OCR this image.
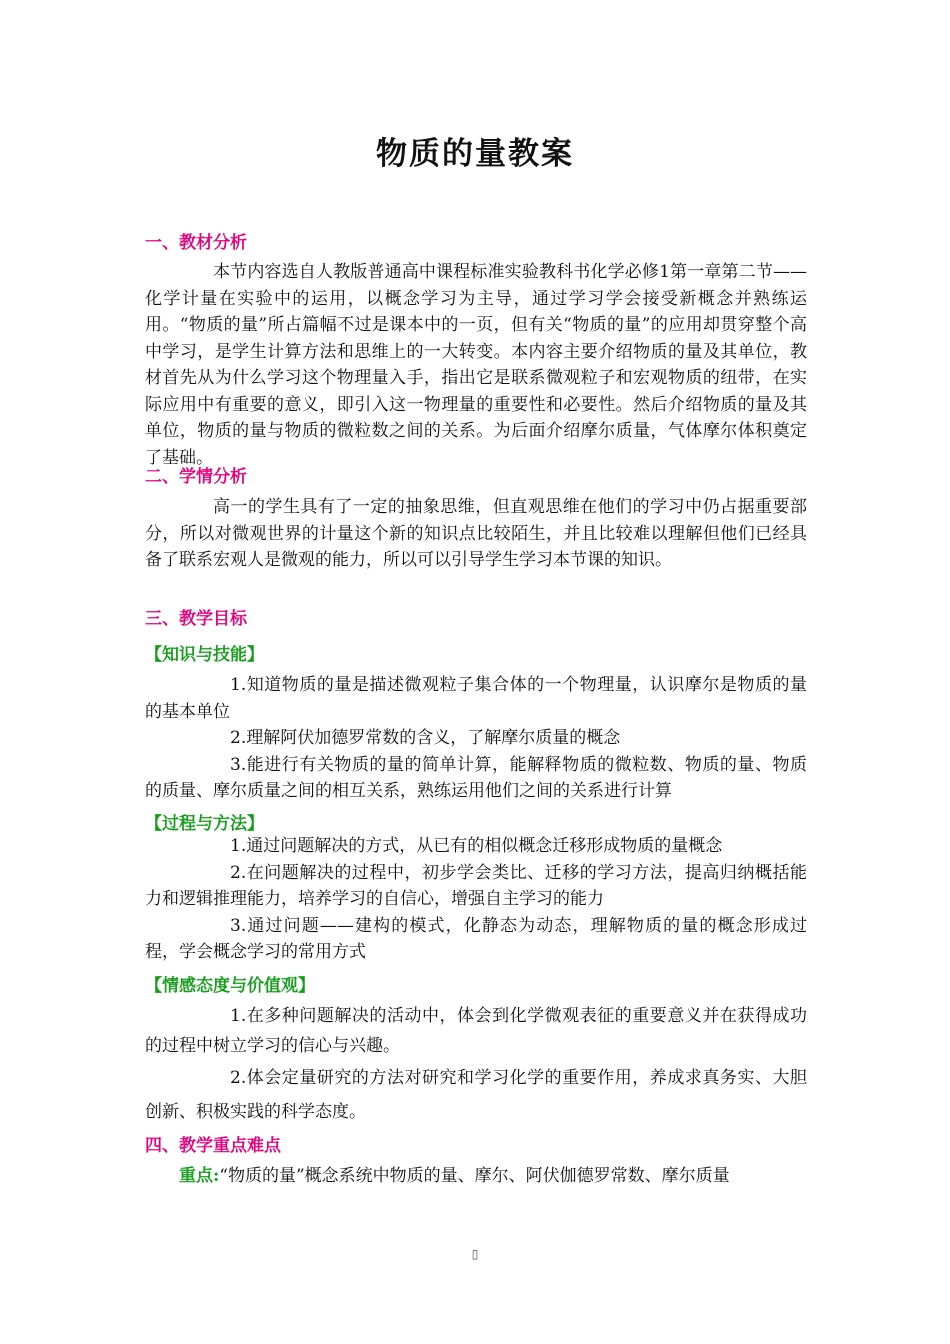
物质的量教案
一、教材分析

本节内容选自人教版普通高中课程标准实验教科书化学必修1第一章第二节——化学计量在实验中的运用，以概念学习为主导，通过学习学会接受新概念并熟练运用。“物质的量”所占篇幅不过是课本中的一页，但有关“物质的量”的应用却贯穿整个高中学习，是学生计算方法和思维上的一大转变。本内容主要介绍物质的量及其单位，教材首先从为什么学习这个物理量入手，指出它是联系微观粒子和宏观物质的纽带，在实际应用中有重要的意义，即引入这一物理量的重要性和必要性。然后介绍物质的量及其单位，物质的量与物质的微粒数之间的关系。为后面介绍摩尔质量，气体摩尔体积奠定了基础。

二、学情分析

高一的学生具有了一定的抽象思维，但直观思维在他们的学习中仍占据重要部分，所以对微观世界的计量这个新的知识点比较陌生，并且比较难以理解但他们已经具备了联系宏观人是微观的能力，所以可以引导学生学习本节课的知识。

三、教学目标
【知识与技能】

1.知道物质的量是描述微观粒子集合体的一个物理量，认识摩尔是物质的量的基本单位

2.理解阿伏加德罗常数的含义，了解摩尔质量的概念

3.能进行有关物质的量的简单计算，能解释物质的微粒数、物质的量、物质的质量、摩尔质量之间的相互关系，熟练运用他们之间的关系进行计算

【过程与方法】

1.通过问题解决的方式，从已有的相似概念迁移形成物质的量概念

2.在问题解决的过程中，初步学会类比、迁移的学习方法，提高归纳概括能力和逻辑推理能力，培养学习的自信心，增强自主学习的能力

3.通过问题——建构的模式，化静态为动态，理解物质的量的概念形成过程，学会概念学习的常用方式

【情感态度与价值观】

1.在多种问题解决的活动中，体会到化学微观表征的重要意义并在获得成功的过程中树立学习的信心与兴趣。

2.体会定量研究的方法对研究和学习化学的重要作用，养成求真务实、大胆创新、积极实践的科学态度。

四、教学重点难点

重点:“物质的量”概念系统中物质的量、摩尔、阿伏伽德罗常数、摩尔质量

▯
